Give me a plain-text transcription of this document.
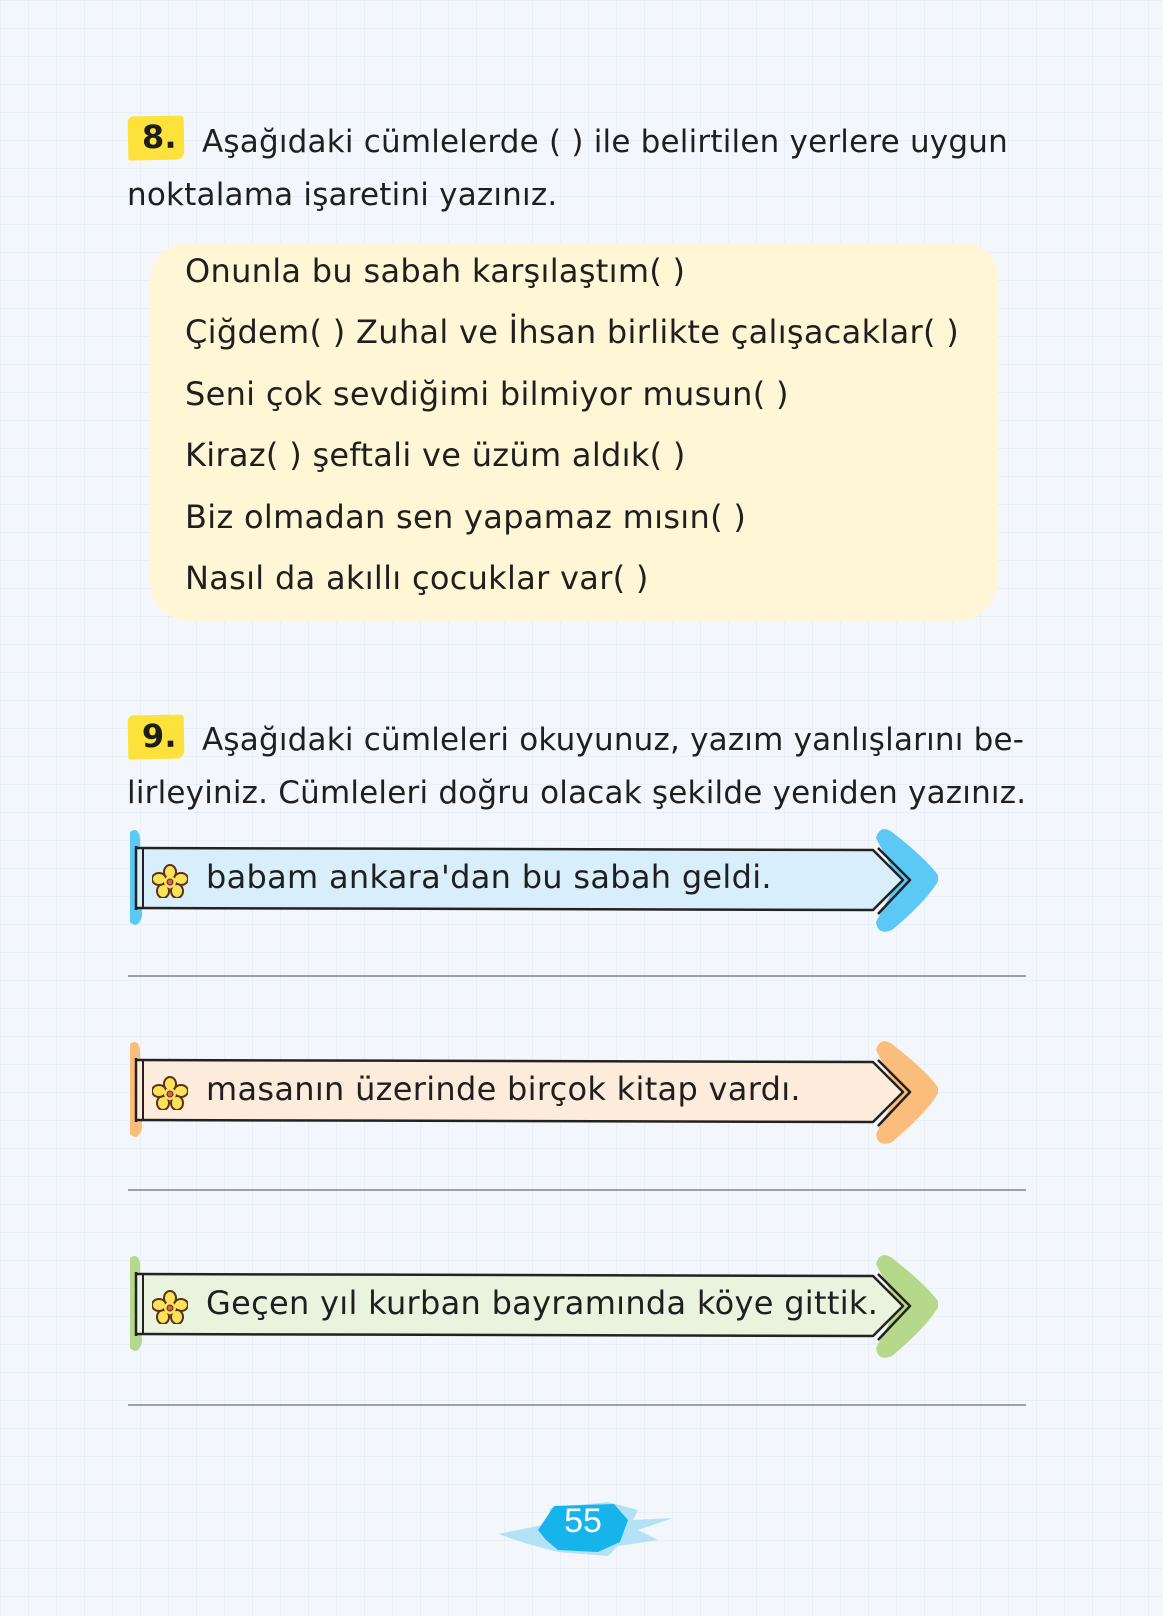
8. Aşağıdaki cümlelerde ( ) ile belirtilen yerlere uygun
noktalama işaretini yazınız.
Onunla bu sabah karşılaştım( )
Çiğdem( ) Zuhal ve İhsan birlikte çalışacaklar( )
Seni çok sevdiğimi bilmiyor musun( )
Kiraz( ) şeftali ve üzüm aldık( )
Biz olmadan sen yapamaz mısın( )
Nasıl da akıllı çocuklar var( )
9. Aşağıdaki cümleleri okuyunuz, yazım yanlışlarını be-
lirleyiniz. Cümleleri doğru olacak şekilde yeniden yazınız.
babam ankara'dan bu sabah geldi.
masanın üzerinde birçok kitap vardı.
Geçen yıl kurban bayramında köye gittik.
55
